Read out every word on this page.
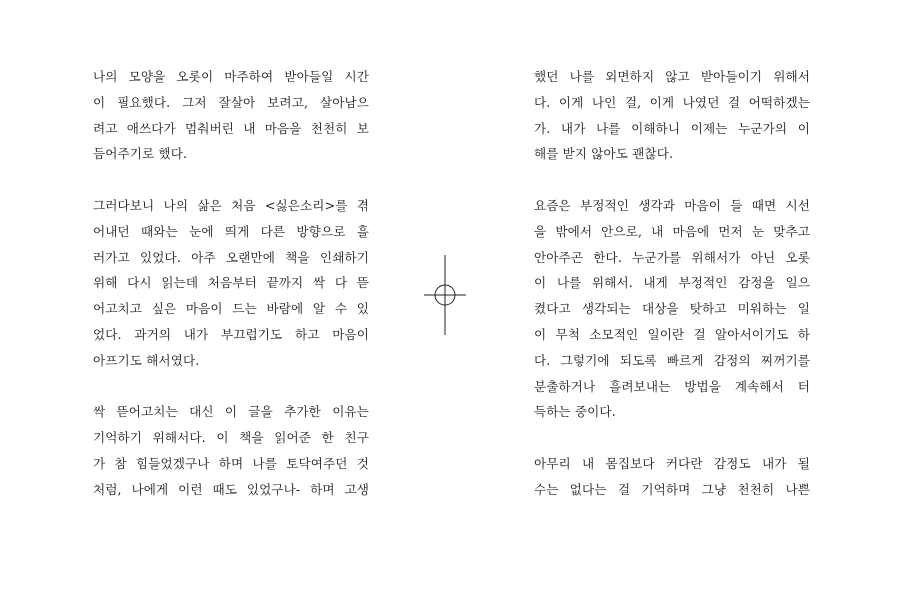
나의 모양을 오롯이 마주하여 받아들일 시간
이 필요했다. 그저 잘살아 보려고, 살아남으
려고 애쓰다가 멈춰버린 내 마음을 천천히 보
듬어주기로 했다.
그러다보니 나의 삶은 처음 <싫은소리>를 겪
어내던 때와는 눈에 띄게 다른 방향으로 흘
러가고 있었다. 아주 오랜만에 책을 인쇄하기
위해 다시 읽는데 처음부터 끝까지 싹 다 뜯
어고치고 싶은 마음이 드는 바람에 알 수 있
었다. 과거의 내가 부끄럽기도 하고 마음이
아프기도 해서였다.
싹 뜯어고치는 대신 이 글을 추가한 이유는
기억하기 위해서다. 이 책을 읽어준 한 친구
가 참 힘들었겠구나 하며 나를 토닥여주던 것
처럼, 나에게 이런 때도 있었구나- 하며 고생
했던 나를 외면하지 않고 받아들이기 위해서
다. 이게 나인 걸, 이게 나였던 걸 어떡하겠는
가. 내가 나를 이해하니 이제는 누군가의 이
해를 받지 않아도 괜찮다.
요즘은 부정적인 생각과 마음이 들 때면 시선
을 밖에서 안으로, 내 마음에 먼저 눈 맞추고
안아주곤 한다. 누군가를 위해서가 아닌 오롯
이 나를 위해서. 내게 부정적인 감정을 일으
켰다고 생각되는 대상을 탓하고 미워하는 일
이 무척 소모적인 일이란 걸 알아서이기도 하
다. 그렇기에 되도록 빠르게 감정의 찌꺼기를
분출하거나 흘려보내는 방법을 계속해서 터
득하는 중이다.
아무리 내 몸집보다 커다란 감정도 내가 될
수는 없다는 걸 기억하며 그냥 천천히 나쁜
